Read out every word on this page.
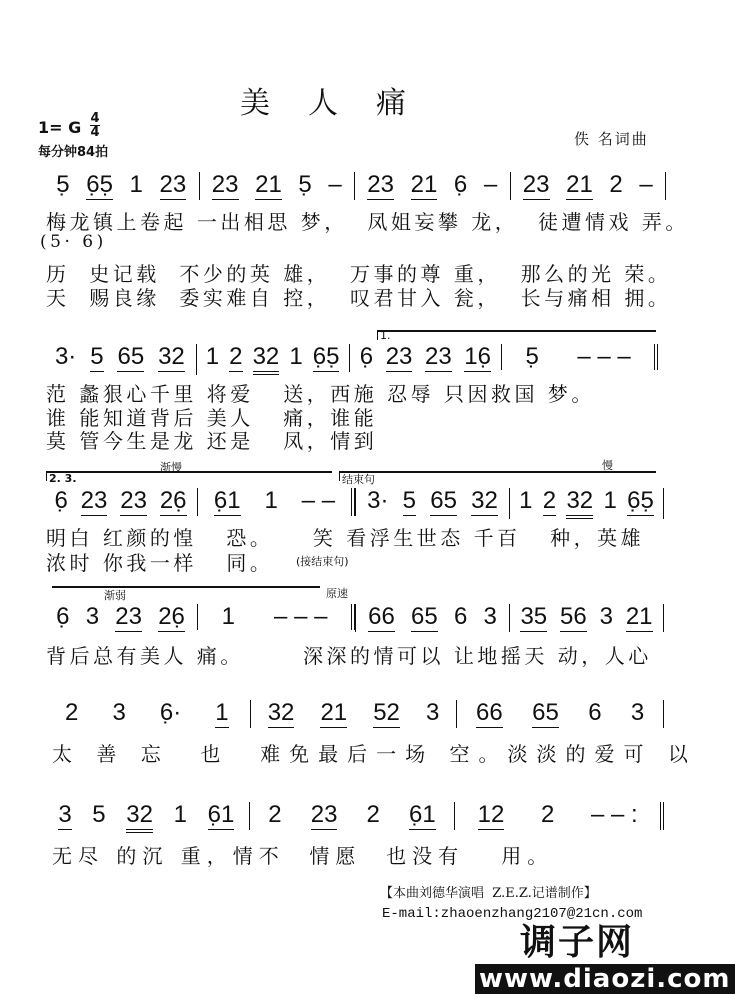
美人痛
1= G 4
4
每分钟84拍
佚 名词曲
5̣ 6̣5̣ 1 23 23 21 5̣ – 23 21 6̣ – 23 21 2 –
3· 5 65 32 1 2 32 1 6̣5̣ 6̣ 23 23 16̣ 5̣ – – –
6̣ 23 23 26̣ 6̣1 1 – – 3· 5 65 32 1 2 32 1 6̣5̣
6̣ 3 23 26̣ 1 – – – 66 65 6 3 35 56 3 21
2 3 6̣· 1 32 21 52 3 66 65 6 3
3 5 32 1 6̣1 2 23 2 6̣1 12 2 – – :
梅龙镇上卷起 一出相思 梦，  凤姐妄攀 龙，  徒遭情戏 弄。
(5· 6)
历  史记载  不少的英 雄，  万事的尊 重，  那么的光 荣。
天  赐良缘  委实难自 控，  叹君甘入 瓮，  长与痛相 拥。
1.
范 蠡狠心千里 将爱   送，西施 忍辱 只因救国 梦。
谁 能知道背后 美人   痛，谁能
莫 管今生是龙 还是   凤，情到
2. 3.
渐慢
结束句
慢
明白 红颜的惶   恐。    笑 看浮生世态 千百   种，英雄
浓时 你我一样   同。 (接结束句)
渐弱	原速
背后总有美人 痛。      深深的情可以 让地摇天 动，人心
太 善 忘  也  难免最后一场 空。淡淡的爱可 以
无尽 的沉 重，情不  情愿  也没有   用。
【本曲刘德华演唱  Z.E.Z.记谱制作】
E-mail:zhaoenzhang2107@21cn.com
调子网
www.diaozi.com
